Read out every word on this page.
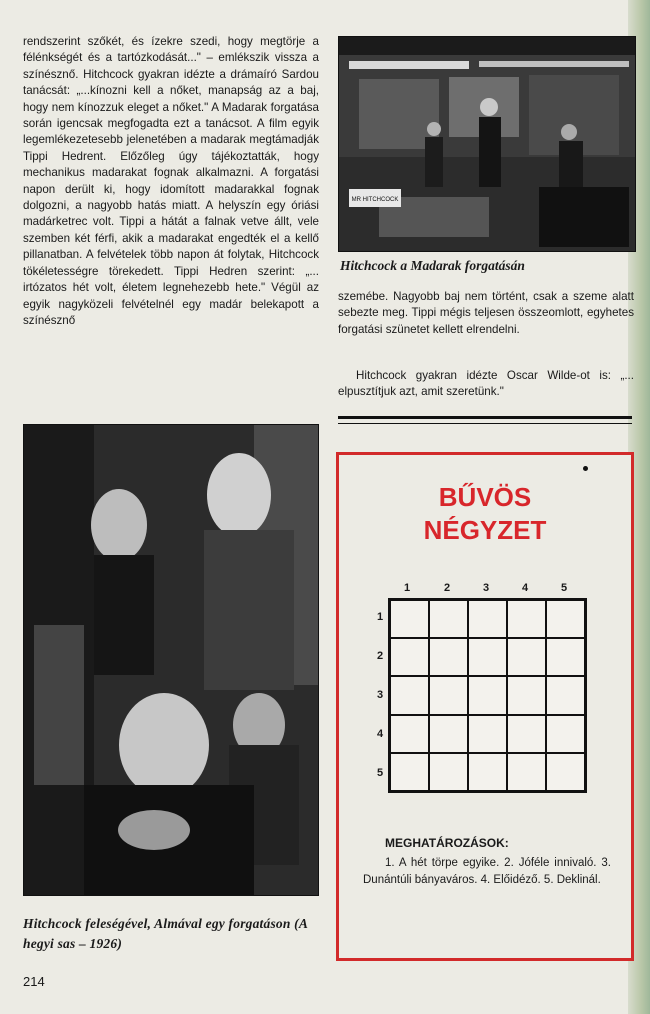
rendszerint szőkét, és ízekre szedi, hogy megtörje a félénkségét és a tartózkodását..." – emlékszik vissza a színésznő. Hitchcock gyakran idézte a drámaíró Sardou tanácsát: „...kínozni kell a nőket, manapság az a baj, hogy nem kínozzuk eleget a nőket." A Madarak forgatása során igencsak megfogadta ezt a tanácsot. A film egyik legemlékezetesebb jelenetében a madarak megtámadják Tippi Hedrent. Előzőleg úgy tájékoztatták, hogy mechanikus madarakat fognak alkalmazni. A forgatási napon derült ki, hogy idomított madarakkal fognak dolgozni, a nagyobb hatás miatt. A helyszín egy óriási madárketrec volt. Tippi a hátát a falnak vetve állt, vele szemben két férfi, akik a madarakat engedték el a kellő pillanatban. A felvételek több napon át folytak, Hitchcock tökéletességre törekedett. Tippi Hedren szerint: „... irtózatos hét volt, életem legnehezebb hete." Végül az egyik nagyközeli felvételnél egy madár belekapott a színésznő

MR HITCHCOCK

Hitchcock a Madarak forgatásán

szemébe. Nagyobb baj nem történt, csak a szeme alatt sebezte meg. Tippi mégis teljesen összeomlott, egyhetes forgatási szünetet kellett elrendelni.

Hitchcock gyakran idézte Oscar Wilde-ot is: „... elpusztítjuk azt, amit szeretünk."

Hitchcock feleségével, Almával egy forgatáson (A hegyi sas – 1926)

BŰVÖS
NÉGYZET
1	2	3	4	5
1
2
3
4
5
MEGHATÁROZÁSOK:

1. A hét törpe egyike. 2. Jóféle innivaló. 3. Dunántúli bányaváros. 4. Előidéző. 5. Deklinál.

214
